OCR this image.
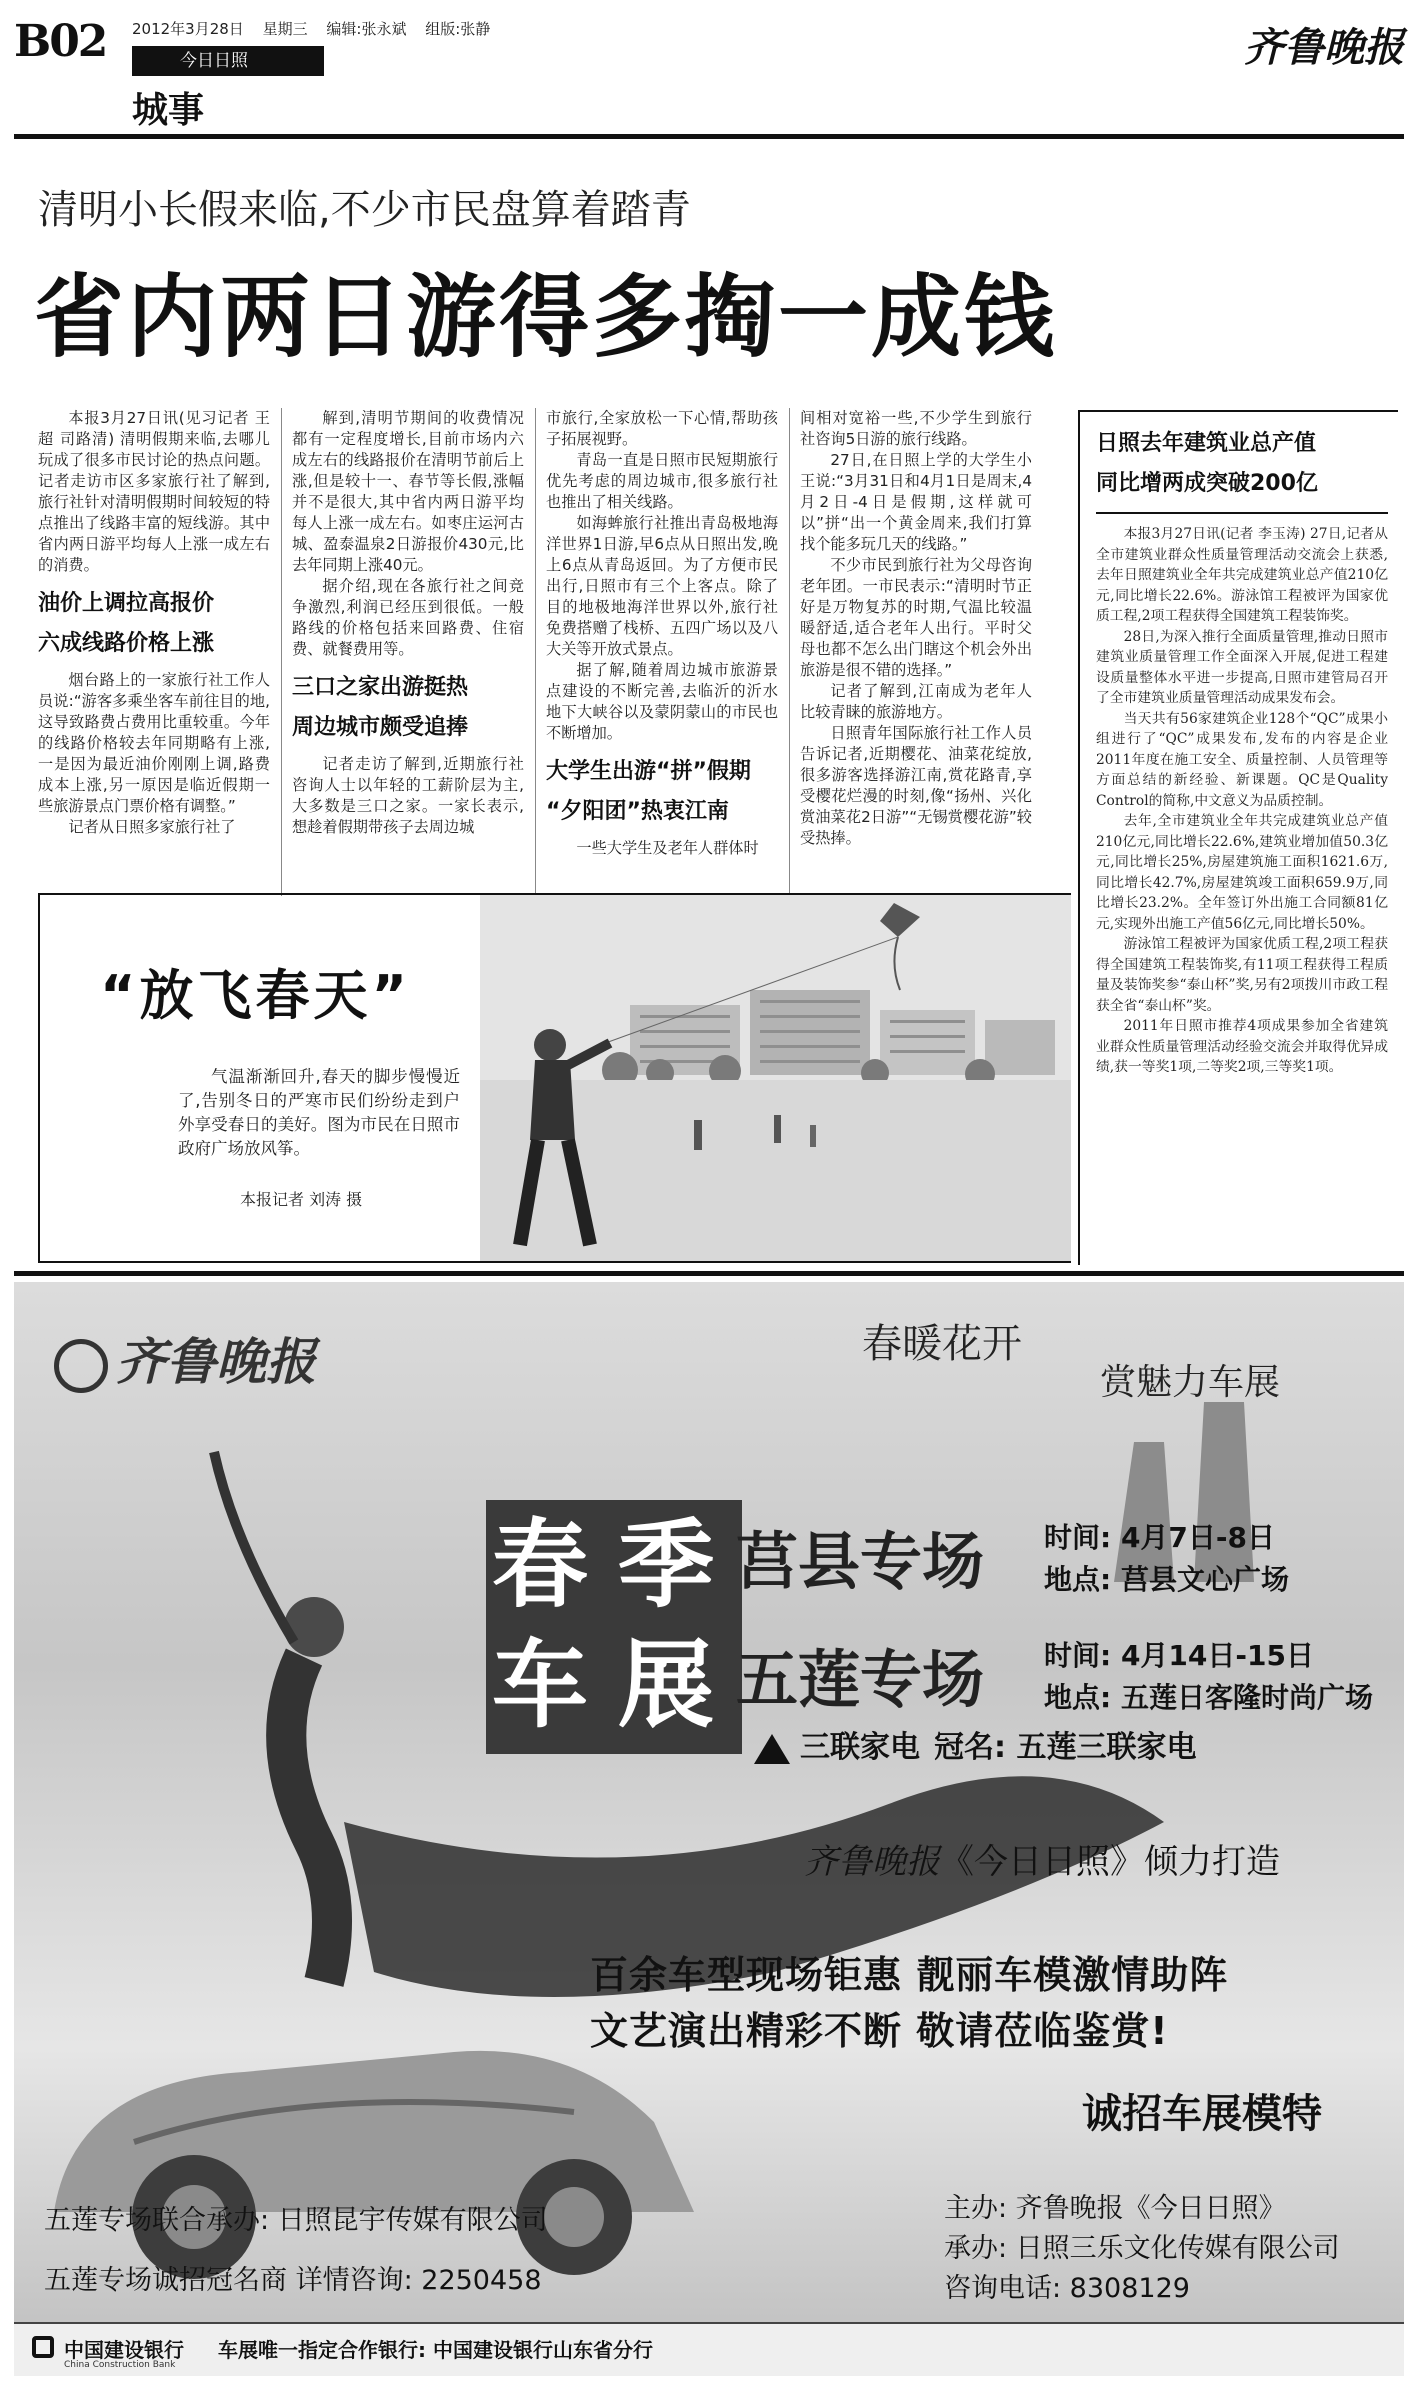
B02 2012年3月28日 星期三 编辑:张永斌 组版:张静
今日日照
城事
齐鲁晚报
清明小长假来临,不少市民盘算着踏青
省内两日游得多掏一成钱

本报3月27日讯(见习记者 王超 司路清) 清明假期来临,去哪儿玩成了很多市民讨论的热点问题。记者走访市区多家旅行社了解到,旅行社针对清明假期时间较短的特点推出了线路丰富的短线游。其中省内两日游平均每人上涨一成左右的消费。

油价上调拉高报价
六成线路价格上涨

烟台路上的一家旅行社工作人员说:“游客多乘坐客车前往目的地,这导致路费占费用比重较重。今年的线路价格较去年同期略有上涨,一是因为最近油价刚刚上调,路费成本上涨,另一原因是临近假期一些旅游景点门票价格有调整。”

记者从日照多家旅行社了

解到,清明节期间的收费情况都有一定程度增长,目前市场内六成左右的线路报价在清明节前后上涨,但是较十一、春节等长假,涨幅并不是很大,其中省内两日游平均每人上涨一成左右。如枣庄运河古城、盈泰温泉2日游报价430元,比去年同期上涨40元。

据介绍,现在各旅行社之间竞争激烈,利润已经压到很低。一般路线的价格包括来回路费、住宿费、就餐费用等。

三口之家出游挺热
周边城市颇受追捧

记者走访了解到,近期旅行社咨询人士以年轻的工薪阶层为主,大多数是三口之家。一家长表示,想趁着假期带孩子去周边城

市旅行,全家放松一下心情,帮助孩子拓展视野。

青岛一直是日照市民短期旅行优先考虑的周边城市,很多旅行社也推出了相关线路。

如海蛑旅行社推出青岛极地海洋世界1日游,早6点从日照出发,晚上6点从青岛返回。为了方便市民出行,日照市有三个上客点。除了目的地极地海洋世界以外,旅行社免费搭赠了栈桥、五四广场以及八大关等开放式景点。

据了解,随着周边城市旅游景点建设的不断完善,去临沂的沂水地下大峡谷以及蒙阴蒙山的市民也不断增加。

大学生出游“拼”假期
“夕阳团”热衷江南

一些大学生及老年人群体时

间相对宽裕一些,不少学生到旅行社咨询5日游的旅行线路。

27日,在日照上学的大学生小王说:“3月31日和4月1日是周末,4月2日-4日是假期,这样就可以”拼“出一个黄金周来,我们打算找个能多玩几天的线路。”

不少市民到旅行社为父母咨询老年团。一市民表示:“清明时节正好是万物复苏的时期,气温比较温暖舒适,适合老年人出行。平时父母也都不怎么出门瞎这个机会外出旅游是很不错的选择。”

记者了解到,江南成为老年人比较青睐的旅游地方。

日照青年国际旅行社工作人员告诉记者,近期樱花、油菜花绽放,很多游客选择游江南,赏花路青,享受樱花烂漫的时刻,像“扬州、兴化赏油菜花2日游”“无锡赏樱花游”较受热捧。

日照去年建筑业总产值
同比增两成突破200亿

本报3月27日讯(记者 李玉涛) 27日,记者从全市建筑业群众性质量管理活动交流会上获悉,去年日照建筑业全年共完成建筑业总产值210亿元,同比增长22.6%。游泳馆工程被评为国家优质工程,2项工程获得全国建筑工程装饰奖。

28日,为深入推行全面质量管理,推动日照市建筑业质量管理工作全面深入开展,促进工程建设质量整体水平进一步提高,日照市建管局召开了全市建筑业质量管理活动成果发布会。

当天共有56家建筑企业128个“QC”成果小组进行了“QC”成果发布,发布的内容是企业2011年度在施工安全、质量控制、人员管理等方面总结的新经验、新课题。QC是Quality Control的简称,中文意义为品质控制。

去年,全市建筑业全年共完成建筑业总产值210亿元,同比增长22.6%,建筑业增加值50.3亿元,同比增长25%,房屋建筑施工面积1621.6万,同比增长42.7%,房屋建筑竣工面积659.9万,同比增长23.2%。全年签订外出施工合同额81亿元,实现外出施工产值56亿元,同比增长50%。

游泳馆工程被评为国家优质工程,2项工程获得全国建筑工程装饰奖,有11项工程获得工程质量及装饰奖参“泰山杯”奖,另有2项拨川市政工程获全省“泰山杯”奖。

2011年日照市推荐4项成果参加全省建筑业群众性质量管理活动经验交流会并取得优异成绩,获一等奖1项,二等奖2项,三等奖1项。

“放飞春天”
气温渐渐回升,春天的脚步慢慢近了,告别冬日的严寒市民们纷纷走到户外享受春日的美好。图为市民在日照市政府广场放风筝。
本报记者 刘涛 摄
齐鲁晚报	春暖花开
赏魅力车展
春 季
车 展
莒县专场 时间: 4月7日-8日
地点: 莒县文心广场
五莲专场 时间: 4月14日-15日
地点: 五莲日客隆时尚广场
三联家电 冠名: 五莲三联家电
齐鲁晚报《今日日照》倾力打造
百余车型现场钜惠 靓丽车模激情助阵
文艺演出精彩不断 敬请莅临鉴赏!
诚招车展模特
五莲专场联合承办: 日照昆宇传媒有限公司
五莲专场诚招冠名商 详情咨询: 2250458
主办: 齐鲁晚报《今日日照》
承办: 日照三乐文化传媒有限公司
咨询电话: 8308129
中国建设银行
China Construction Bank
车展唯一指定合作银行: 中国建设银行山东省分行
